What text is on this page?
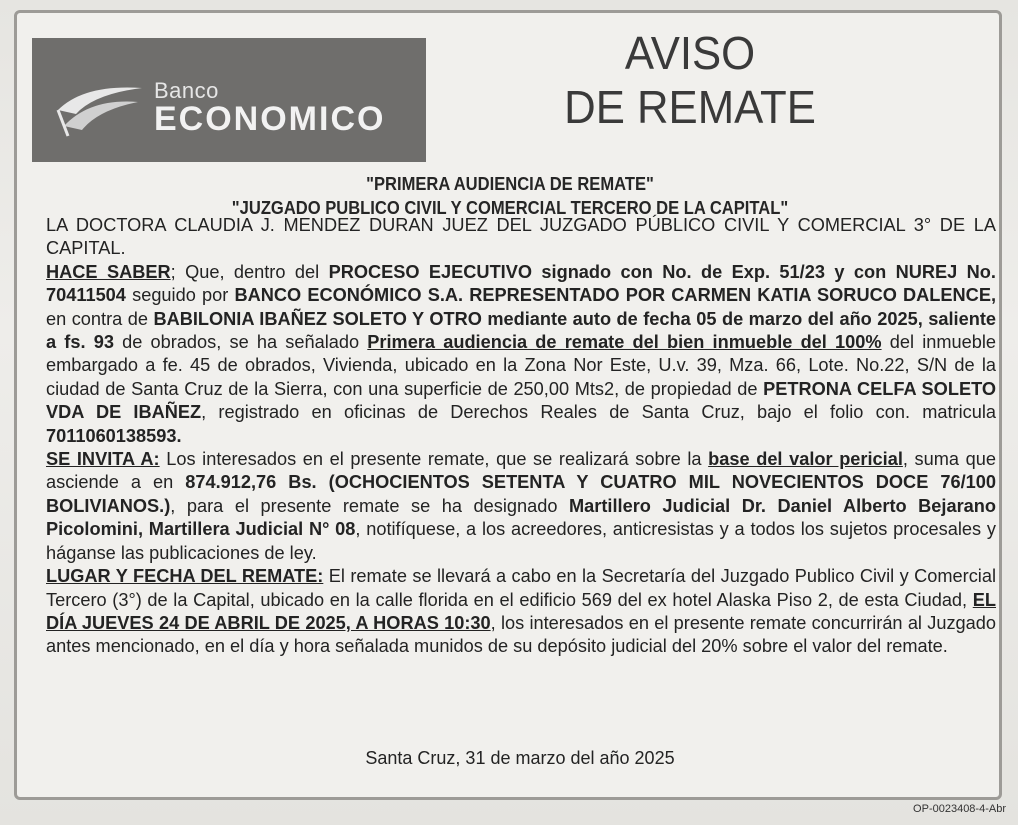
Banco
ECONOMICO
AVISO
DE REMATE
"PRIMERA AUDIENCIA DE REMATE"
"JUZGADO PUBLICO CIVIL Y COMERCIAL TERCERO DE LA CAPITAL"

LA DOCTORA CLAUDIA J. MENDEZ DURAN JUEZ DEL JUZGADO PÚBLICO CIVIL Y COMERCIAL 3° DE LA CAPITAL.

HACE SABER; Que, dentro del PROCESO EJECUTIVO signado con No. de Exp. 51/23 y con NUREJ No. 70411504 seguido por BANCO ECONÓMICO S.A. REPRESENTADO POR CARMEN KATIA SORUCO DALENCE, en contra de BABILONIA IBAÑEZ SOLETO Y OTRO mediante auto de fecha 05 de marzo del año 2025, saliente a fs. 93 de obrados, se ha señalado Primera audiencia de remate del bien inmueble del 100% del inmueble embargado a fe. 45 de obrados, Vivienda, ubicado en la Zona Nor Este, U.v. 39, Mza. 66, Lote. No.22, S/N de la ciudad de Santa Cruz de la Sierra, con una superficie de 250,00 Mts2, de propiedad de PETRONA CELFA SOLETO VDA DE IBAÑEZ, registrado en oficinas de Derechos Reales de Santa Cruz, bajo el folio con. matricula 7011060138593.

SE INVITA A: Los interesados en el presente remate, que se realizará sobre la base del valor pericial, suma que asciende a en 874.912,76 Bs. (OCHOCIENTOS SETENTA Y CUATRO MIL NOVECIENTOS DOCE 76/100 BOLIVIANOS.), para el presente remate se ha designado Martillero Judicial Dr. Daniel Alberto Bejarano Picolomini, Martillera Judicial N° 08, notifíquese, a los acreedores, anticresistas y a todos los sujetos procesales y háganse las publicaciones de ley.

LUGAR Y FECHA DEL REMATE: El remate se llevará a cabo en la Secretaría del Juzgado Publico Civil y Comercial Tercero (3°) de la Capital, ubicado en la calle florida en el edificio 569 del ex hotel Alaska Piso 2, de esta Ciudad, EL DÍA JUEVES 24 DE ABRIL DE 2025, A HORAS 10:30, los interesados en el presente remate concurrirán al Juzgado antes mencionado, en el día y hora señalada munidos de su depósito judicial del 20% sobre el valor del remate.

Santa Cruz, 31 de marzo del año 2025
OP-0023408-4-Abr
